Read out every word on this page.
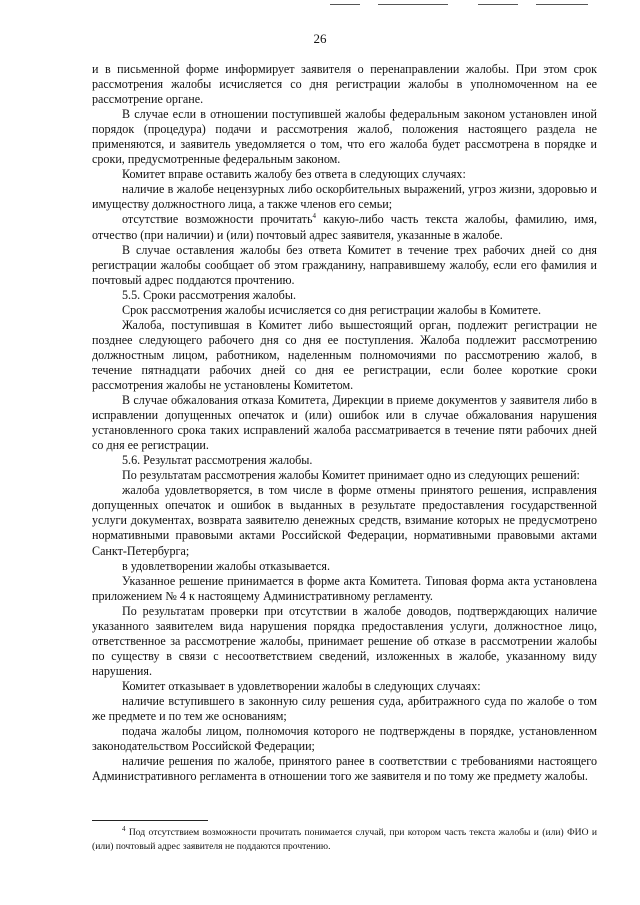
26

и в письменной форме информирует заявителя о перенаправлении жалобы. При этом срок рассмотрения жалобы исчисляется со дня регистрации жалобы в уполномоченном на ее рассмотрение органе.

В случае если в отношении поступившей жалобы федеральным законом установлен иной порядок (процедура) подачи и рассмотрения жалоб, положения настоящего раздела не применяются, и заявитель уведомляется о том, что его жалоба будет рассмотрена в порядке и сроки, предусмотренные федеральным законом.

Комитет вправе оставить жалобу без ответа в следующих случаях:

наличие в жалобе нецензурных либо оскорбительных выражений, угроз жизни, здоровью и имуществу должностного лица, а также членов его семьи;

отсутствие возможности прочитать$^4$ какую-либо часть текста жалобы, фамилию, имя, отчество (при наличии) и (или) почтовый адрес заявителя, указанные в жалобе.

В случае оставления жалобы без ответа Комитет в течение трех рабочих дней со дня регистрации жалобы сообщает об этом гражданину, направившему жалобу, если его фамилия и почтовый адрес поддаются прочтению.

5.5. Сроки рассмотрения жалобы.

Срок рассмотрения жалобы исчисляется со дня регистрации жалобы в Комитете.

Жалоба, поступившая в Комитет либо вышестоящий орган, подлежит регистрации не позднее следующего рабочего дня со дня ее поступления. Жалоба подлежит рассмотрению должностным лицом, работником, наделенным полномочиями по рассмотрению жалоб, в течение пятнадцати рабочих дней со дня ее регистрации, если более короткие сроки рассмотрения жалобы не установлены Комитетом.

В случае обжалования отказа Комитета, Дирекции в приеме документов у заявителя либо в исправлении допущенных опечаток и (или) ошибок или в случае обжалования нарушения установленного срока таких исправлений жалоба рассматривается в течение пяти рабочих дней со дня ее регистрации.

5.6. Результат рассмотрения жалобы.

По результатам рассмотрения жалобы Комитет принимает одно из следующих решений:

жалоба удовлетворяется, в том числе в форме отмены принятого решения, исправления допущенных опечаток и ошибок в выданных в результате предоставления государственной услуги документах, возврата заявителю денежных средств, взимание которых не предусмотрено нормативными правовыми актами Российской Федерации, нормативными правовыми актами Санкт-Петербурга;

в удовлетворении жалобы отказывается.

Указанное решение принимается в форме акта Комитета. Типовая форма акта установлена приложением № 4 к настоящему Административному регламенту.

По результатам проверки при отсутствии в жалобе доводов, подтверждающих наличие указанного заявителем вида нарушения порядка предоставления услуги, должностное лицо, ответственное за рассмотрение жалобы, принимает решение об отказе в рассмотрении жалобы по существу в связи с несоответствием сведений, изложенных в жалобе, указанному виду нарушения.

Комитет отказывает в удовлетворении жалобы в следующих случаях:

наличие вступившего в законную силу решения суда, арбитражного суда по жалобе о том же предмете и по тем же основаниям;

подача жалобы лицом, полномочия которого не подтверждены в порядке, установленном законодательством Российской Федерации;

наличие решения по жалобе, принятого ранее в соответствии с требованиями настоящего Административного регламента в отношении того же заявителя и по тому же предмету жалобы.

$^4$ Под отсутствием возможности прочитать понимается случай, при котором часть текста жалобы и (или) ФИО и (или) почтовый адрес заявителя не поддаются прочтению.
